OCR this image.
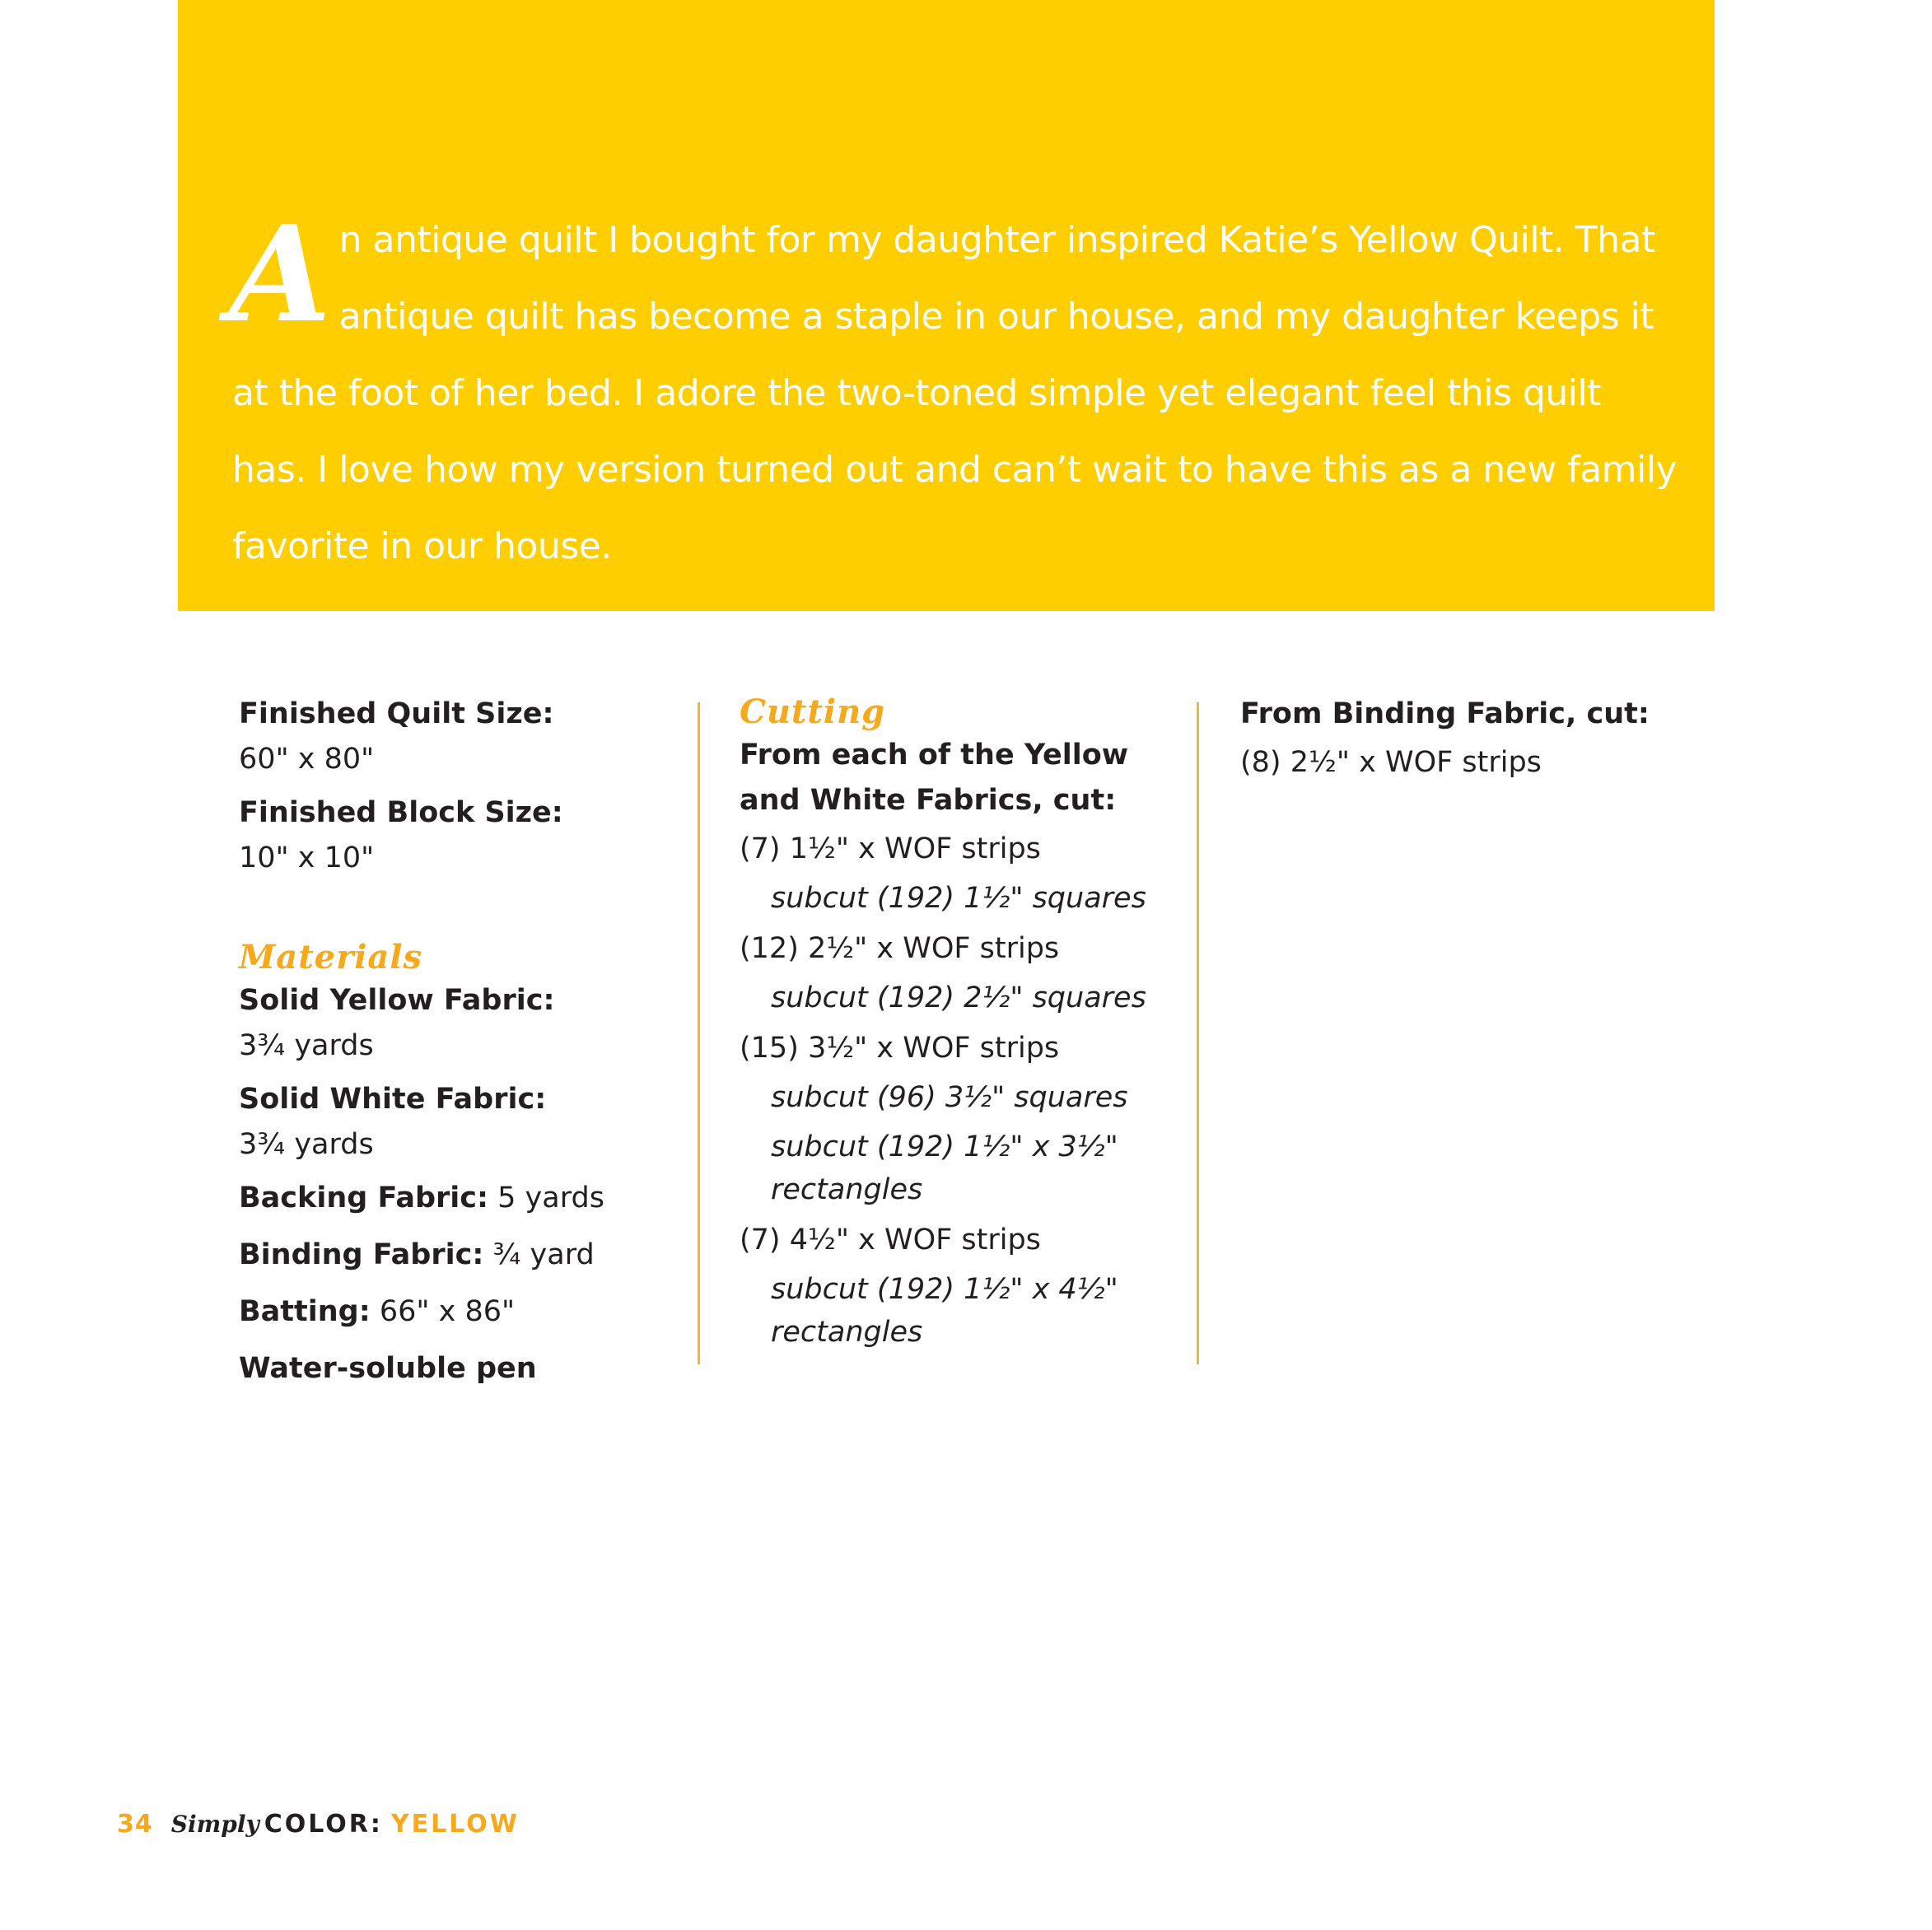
An antique quilt I bought for my daughter inspired Katie’s Yellow Quilt. That antique quilt has become a staple in our house, and my daughter keeps it at the foot of her bed. I adore the two-toned simple yet elegant feel this quilt has. I love how my version turned out and can’t wait to have this as a new family favorite in our house.
Finished Quilt Size:
60" x 80"
Finished Block Size:
10" x 10"
Materials
Solid Yellow Fabric:
3¾ yards
Solid White Fabric:
3¾ yards
Backing Fabric: 5 yards
Binding Fabric: ¾ yard
Batting: 66" x 86"
Water-soluble pen
Cutting
From each of the Yellow and White Fabrics, cut:
(7) 1½" x WOF strips
subcut (192) 1½" squares
(12) 2½" x WOF strips
subcut (192) 2½" squares
(15) 3½" x WOF strips
subcut (96) 3½" squares
subcut (192) 1½" x 3½" rectangles
(7) 4½" x WOF strips
subcut (192) 1½" x 4½" rectangles
From Binding Fabric, cut:
(8) 2½" x WOF strips
34 Simply COLOR: YELLOW
